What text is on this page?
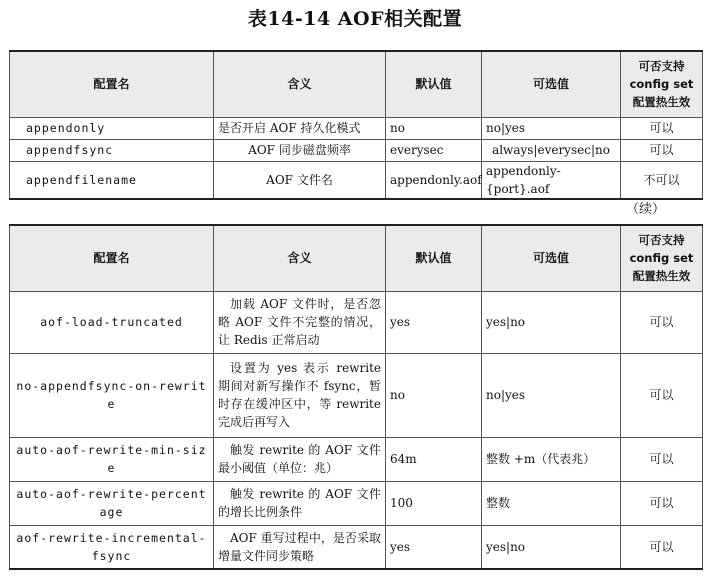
表14-14 AOF相关配置
配置名	含义	默认值	可选值	可否支持config set配置热生效
appendonly	是否开启 AOF 持久化模式	no	no|yes	可以
appendfsync	AOF 同步磁盘频率	everysec	always|everysec|no	可以
appendfilename	AOF 文件名	appendonly.aof	appendonly-{port}.aof	不可以
（续）
配置名	含义	默认值	可选值	可否支持config set配置热生效
aof-load-truncated	加载 AOF 文件时，是否忽略 AOF 文件不完整的情况，让 Redis 正常启动	yes	yes|no	可以
no-appendfsync-on-rewrite	设置为 yes 表示 rewrite 期间对新写操作不 fsync，暂时存在缓冲区中，等 rewrite 完成后再写入	no	no|yes	可以
auto-aof-rewrite-min-size	触发 rewrite 的 AOF 文件最小阈值（单位：兆）	64m	整数 +m（代表兆）	可以
auto-aof-rewrite-percentage	触发 rewrite 的 AOF 文件的增长比例条件	100	整数	可以
aof-rewrite-incremental-fsync	AOF 重写过程中，是否采取增量文件同步策略	yes	yes|no	可以
